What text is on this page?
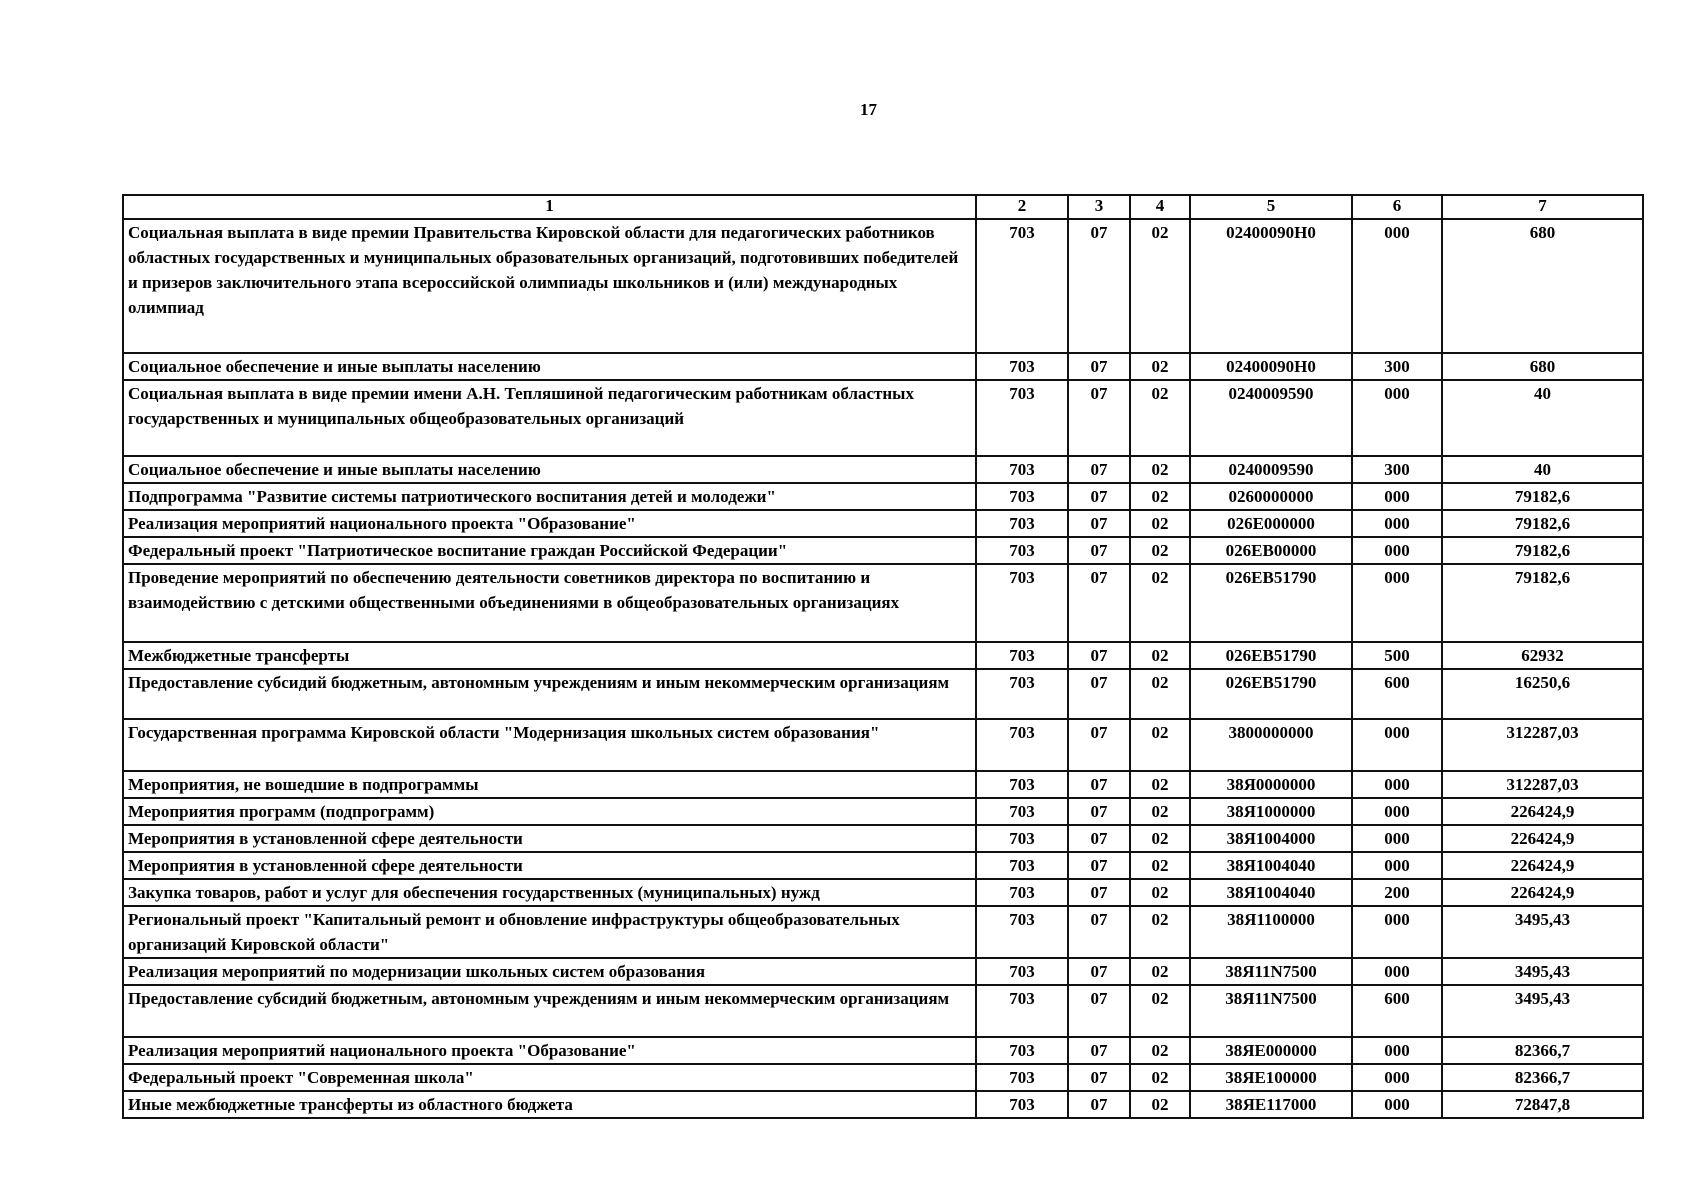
17
1	2	3	4	5	6	7
Социальная выплата в виде премии Правительства Кировской области для педагогических работников областных государственных и муниципальных образовательных организаций, подготовивших победителей и призеров заключительного этапа всероссийской олимпиады школьников и (или) международных олимпиад	703	07	02	02400090Н0	000	680
Социальное обеспечение и иные выплаты населению	703	07	02	02400090Н0	300	680
Социальная выплата в виде премии имени А.Н. Тепляшиной педагогическим работникам областных государственных и муниципальных общеобразовательных организаций	703	07	02	0240009590	000	40
Социальное обеспечение и иные выплаты населению	703	07	02	0240009590	300	40
Подпрограмма "Развитие системы патриотического воспитания детей и молодежи"	703	07	02	0260000000	000	79182,6
Реализация мероприятий национального проекта "Образование"	703	07	02	026Е000000	000	79182,6
Федеральный проект "Патриотическое воспитание граждан Российской Федерации"	703	07	02	026ЕВ00000	000	79182,6
Проведение мероприятий по обеспечению деятельности советников директора по воспитанию и взаимодействию с детскими общественными объединениями в общеобразовательных организациях	703	07	02	026ЕВ51790	000	79182,6
Межбюджетные трансферты	703	07	02	026ЕВ51790	500	62932
Предоставление субсидий бюджетным, автономным учреждениям и иным некоммерческим организациям	703	07	02	026ЕВ51790	600	16250,6
Государственная программа Кировской области "Модернизация школьных систем образования"	703	07	02	3800000000	000	312287,03
Мероприятия, не вошедшие в подпрограммы	703	07	02	38Я0000000	000	312287,03
Мероприятия программ (подпрограмм)	703	07	02	38Я1000000	000	226424,9
Мероприятия в установленной сфере деятельности	703	07	02	38Я1004000	000	226424,9
Мероприятия в установленной сфере деятельности	703	07	02	38Я1004040	000	226424,9
Закупка товаров, работ и услуг для обеспечения государственных (муниципальных) нужд	703	07	02	38Я1004040	200	226424,9
Региональный проект "Капитальный ремонт и обновление инфраструктуры общеобразовательных организаций Кировской области"	703	07	02	38Я1100000	000	3495,43
Реализация мероприятий по модернизации школьных систем образования	703	07	02	38Я11N7500	000	3495,43
Предоставление субсидий бюджетным, автономным учреждениям и иным некоммерческим организациям	703	07	02	38Я11N7500	600	3495,43
Реализация мероприятий национального проекта "Образование"	703	07	02	38ЯЕ000000	000	82366,7
Федеральный проект "Современная школа"	703	07	02	38ЯЕ100000	000	82366,7
Иные межбюджетные трансферты из областного бюджета	703	07	02	38ЯЕ117000	000	72847,8
